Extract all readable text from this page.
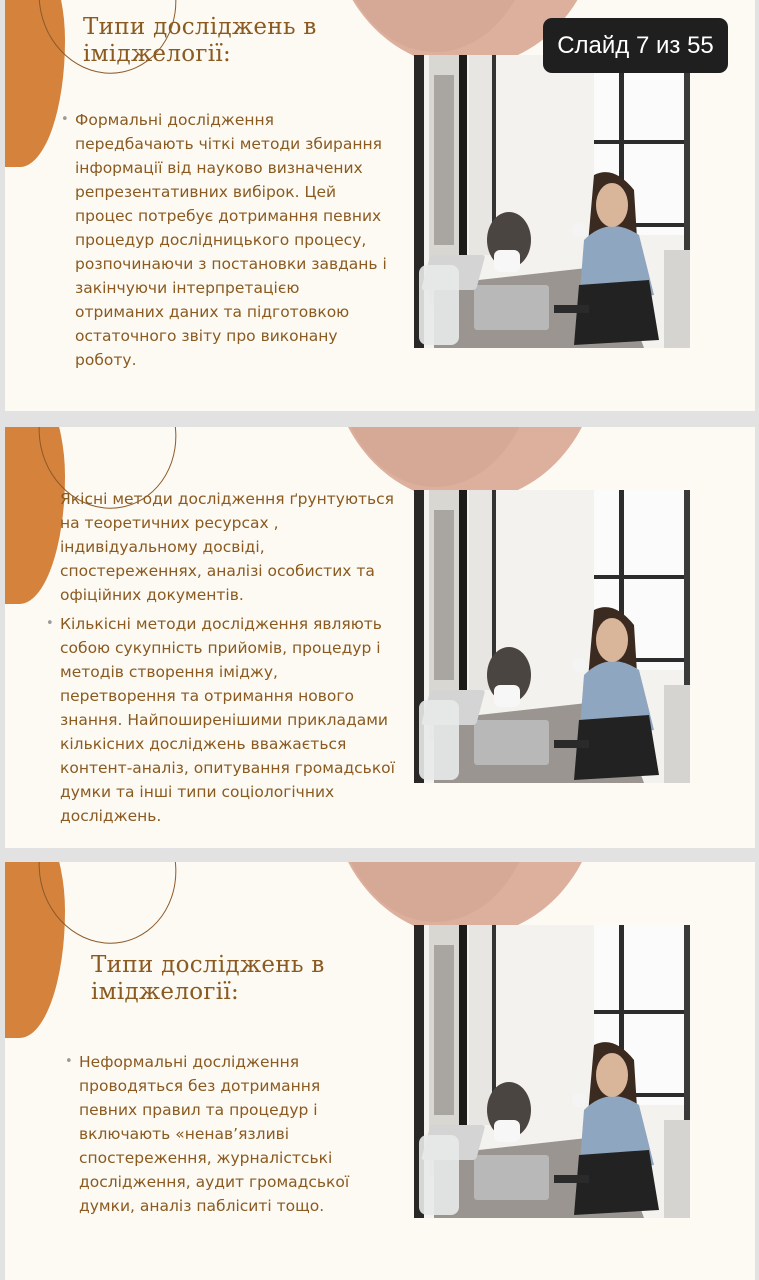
Типи досліджень в
іміджелогії:
• Формальні дослідження передбачають чіткі методи збирання інформації від науково визначених репрезентативних вибірок. Цей процес потребує дотримання певних процедур дослідницького процесу, розпочинаючи з постановки завдань і закінчуючи інтерпретацією отриманих даних та підготовкою остаточного звіту про виконану роботу.

Якісні методи дослідження ґрунтуються на теоретичних ресурсах , індивідуальному досвіді, спостереженнях, аналізі особистих та офіційних документів.

• Кількісні методи дослідження являють собою сукупність прийомів, процедур і методів створення іміджу, перетворення та отримання нового знання. Найпоширенішими прикладами кількісних досліджень вважається контент-аналіз, опитування громадської думки та інші типи соціологічних досліджень.
Типи досліджень в
іміджелогії:
• Неформальні дослідження проводяться без дотримання певних правил та процедур і включають «ненав’язливі спостереження, журналістські дослідження, аудит громадської думки, аналіз пабліситі тощо.
Слайд 7 из 55
